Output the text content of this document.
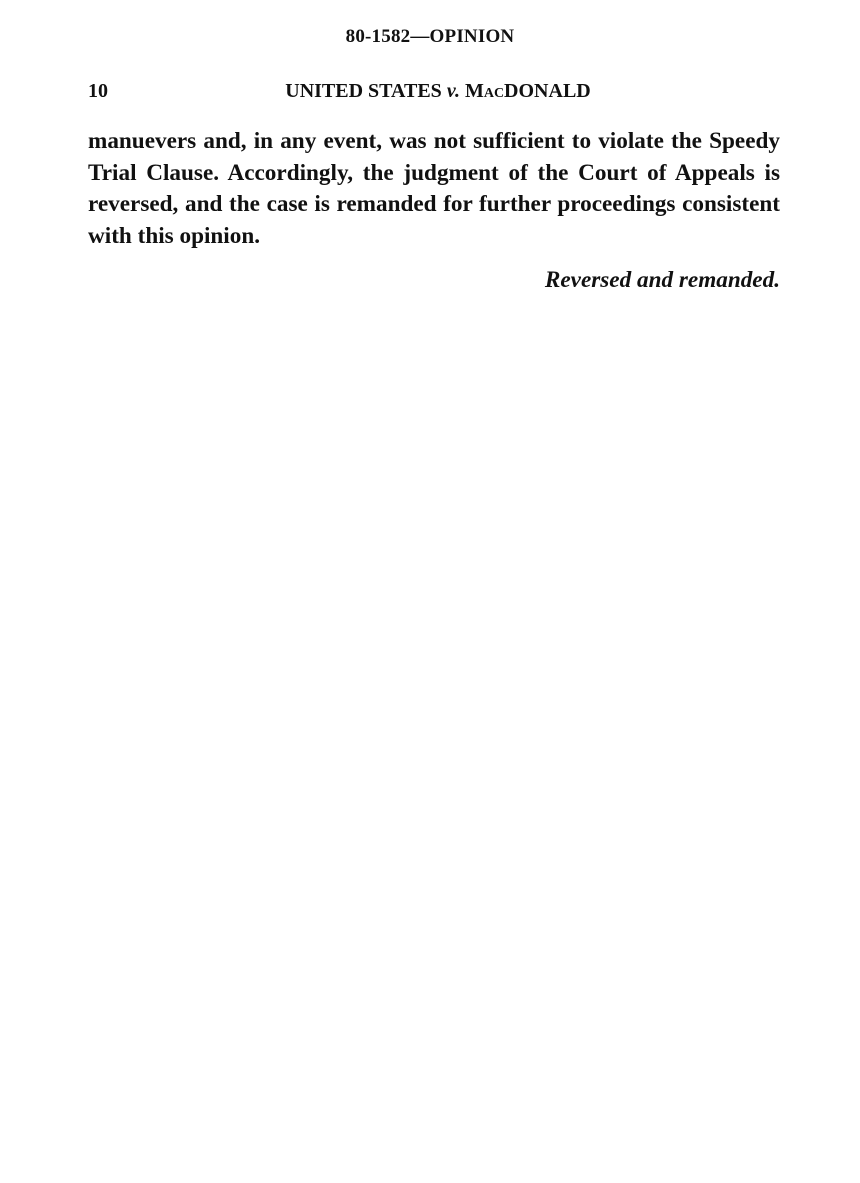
80-1582—OPINION
10	UNITED STATES v. MacDONALD
manuevers and, in any event, was not sufficient to violate the Speedy Trial Clause. Accordingly, the judgment of the Court of Appeals is reversed, and the case is remanded for further proceedings consistent with this opinion.
Reversed and remanded.
